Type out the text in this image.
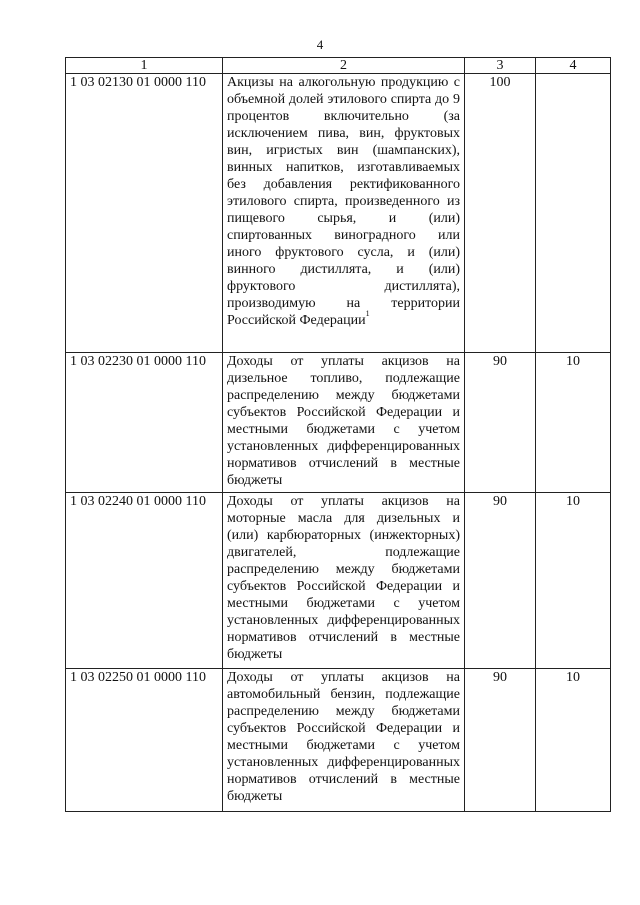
4
1	2	3	4
1 03 02130 01 0000 110	Акцизы на алкогольную продукцию с объемной долей этилового спирта до 9 процентов включительно (за исключением пива, вин, фруктовых вин, игристых вин (шампанских), винных напитков, изготавливаемых без добавления ректификованного этилового спирта, произведенного из пищевого сырья, и (или) спиртованных виноградного или иного фруктового сусла, и (или) винного дистиллята, и (или) фруктового дистиллята), производимую на территории Российской Федерации$^1$	100	
1 03 02230 01 0000 110	Доходы от уплаты акцизов на дизельное топливо, подлежащие распределению между бюджетами субъектов Российской Федерации и местными бюджетами с учетом установленных дифференцированных нормативов отчислений в местные бюджеты	90	10
1 03 02240 01 0000 110	Доходы от уплаты акцизов на моторные масла для дизельных и (или) карбюраторных (инжекторных) двигателей, подлежащие распределению между бюджетами субъектов Российской Федерации и местными бюджетами с учетом установленных дифференцированных нормативов отчислений в местные бюджеты	90	10
1 03 02250 01 0000 110	Доходы от уплаты акцизов на автомобильный бензин, подлежащие распределению между бюджетами субъектов Российской Федерации и местными бюджетами с учетом установленных дифференцированных нормативов отчислений в местные бюджеты	90	10
